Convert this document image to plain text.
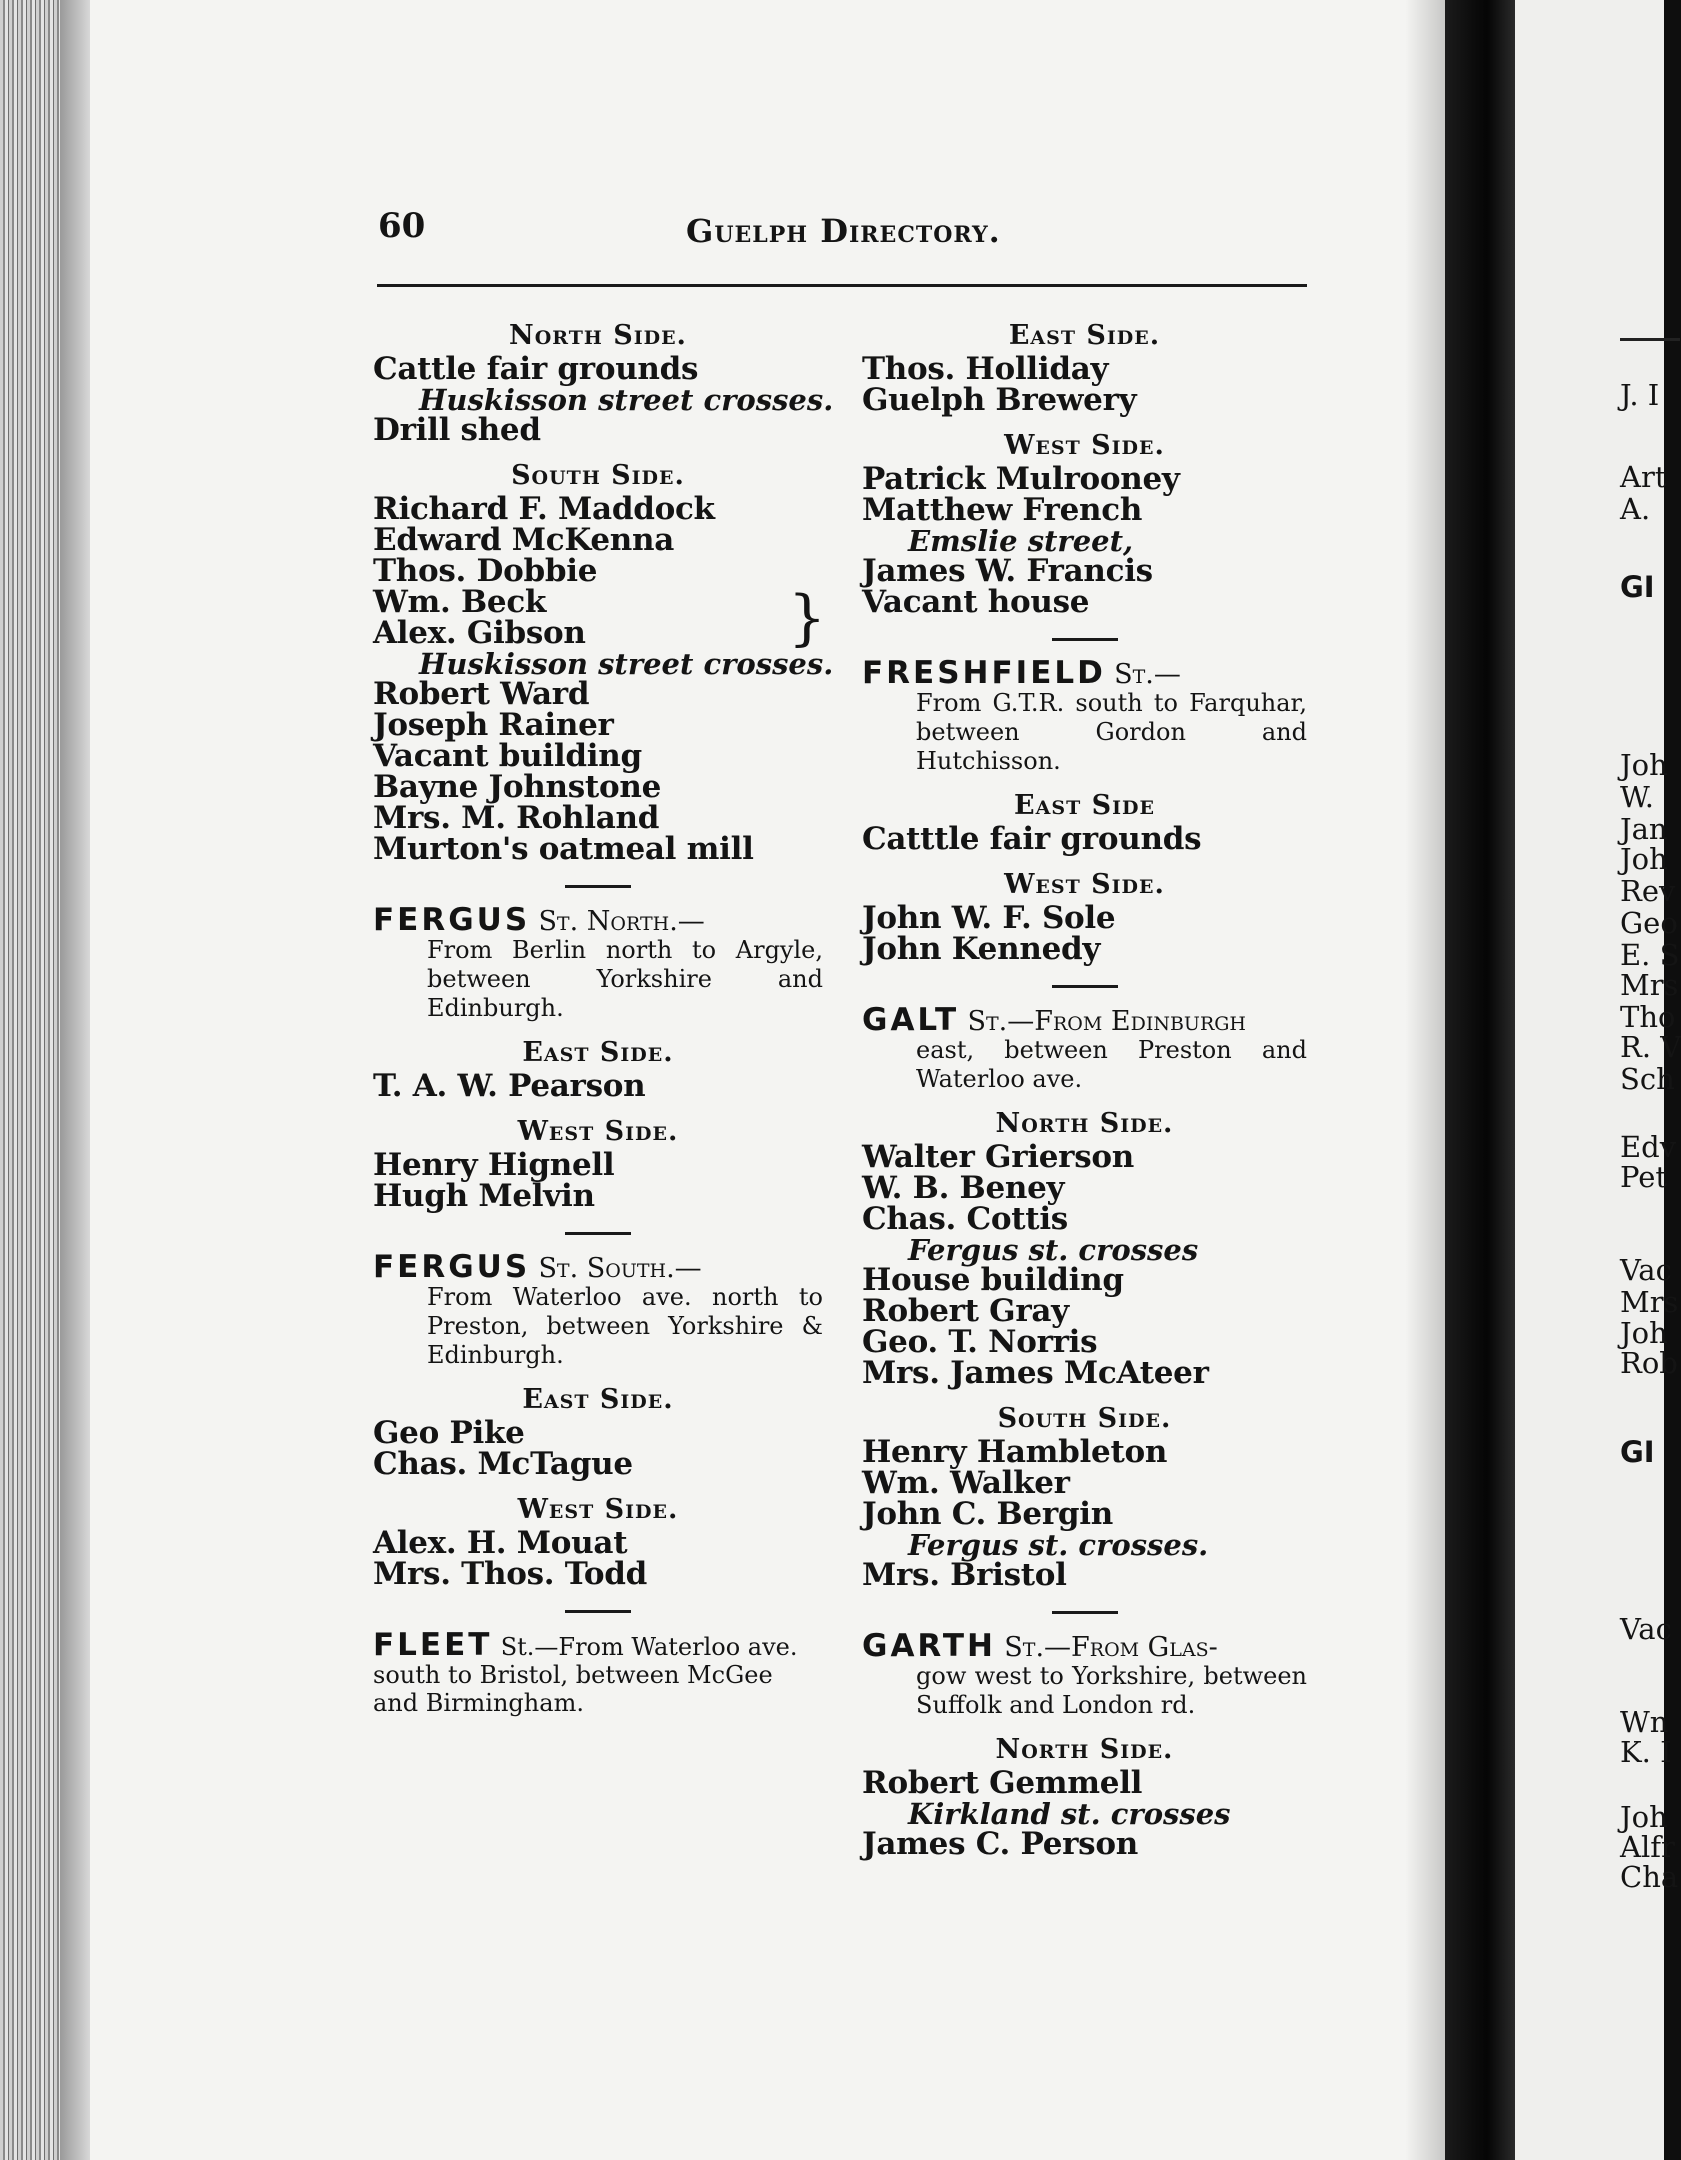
60	Guelph Directory.
North Side.
Cattle fair grounds
Huskisson street crosses.
Drill shed
South Side.
Richard F. Maddock
Edward McKenna
Thos. Dobbie
Wm. Beck
Alex. Gibson
Huskisson street crosses.
Robert Ward
Joseph Rainer
Vacant building
Bayne Johnstone
Mrs. M. Rohland
Murton's oatmeal mill
FERGUS St. North.—
From Berlin north to Argyle, between Yorkshire and Edinburgh.
East Side.
T. A. W. Pearson
West Side.
Henry Hignell
Hugh Melvin
FERGUS St. South.—
From Waterloo ave. north to Preston, between Yorkshire & Edinburgh.
East Side.
Geo Pike
Chas. McTague
West Side.
Alex. H. Mouat
Mrs. Thos. Todd
FLEET St.—From Waterloo ave. south to Bristol, between McGee and Birmingham.
East Side.
Thos. Holliday
Guelph Brewery
West Side.
Patrick Mulrooney
Matthew French
Emslie street,
James W. Francis
Vacant house
FRESHFIELD St.—
From G.T.R. south to Farquhar, between Gordon and Hutchisson.
East Side
Catttle fair grounds
West Side.
John W. F. Sole
John Kennedy
GALT St.—From Edinburgh
east, between Preston and Waterloo ave.
North Side.
Walter Grierson
W. B. Beney
Chas. Cottis
Fergus st. crosses
House building
Robert Gray
Geo. T. Norris
Mrs. James McAteer
South Side.
Henry Hambleton
Wm. Walker
John C. Bergin
Fergus st. crosses.
Mrs. Bristol
GARTH St.—From Glas-
gow west to Yorkshire, between Suffolk and London rd.
North Side.
Robert Gemmell
Kirkland st. crosses
James C. Person
}
J. I
Art
A.
GI
Joh
W.
Jan
Joh
Rev
Geo
E. S
Mrs
Tho
R. V
Sch
Edv
Pet
Vac
Mrs
Joh
Rob
GI
Vac
Wn
K. I
Joh
Alfr
Cha
